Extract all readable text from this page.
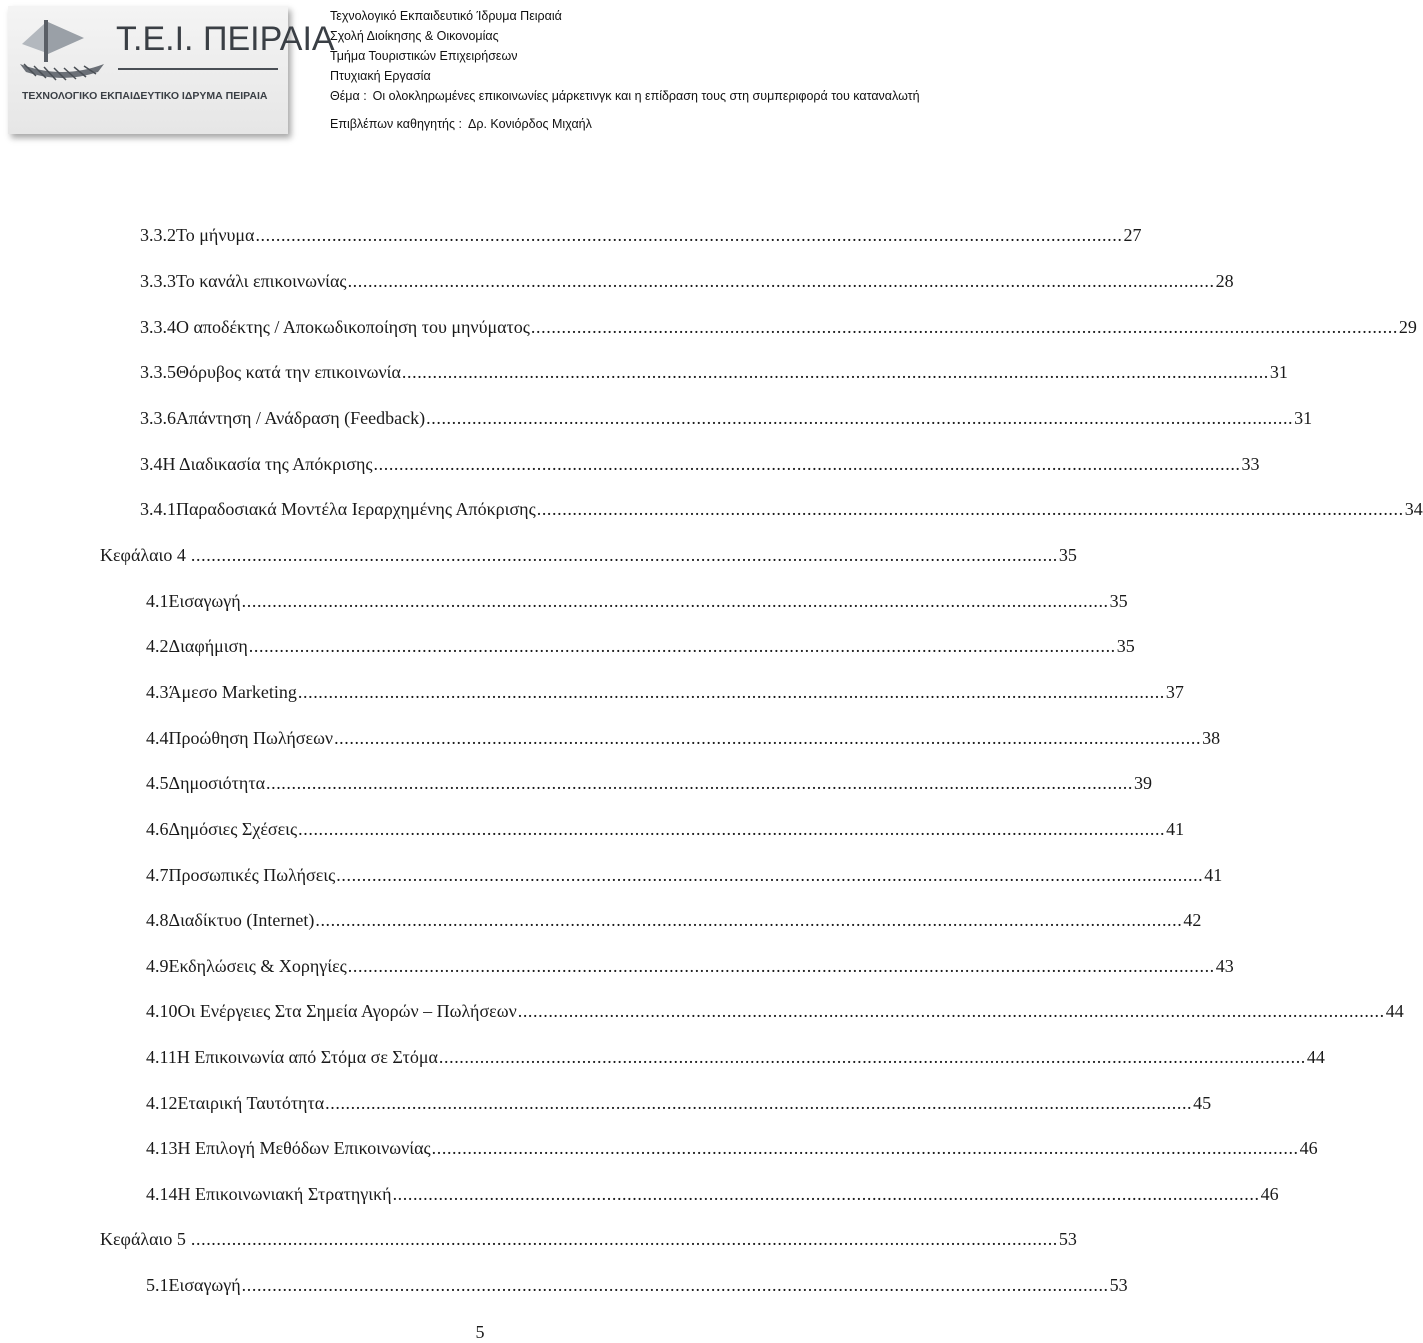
Τ.Ε.Ι. ΠΕΙΡΑΙΑ
ΤΕΧΝΟΛΟΓΙΚΟ ΕΚΠΑΙΔΕΥΤΙΚΟ ΙΔΡΥΜΑ ΠΕΙΡΑΙΑ
Τεχνολογικό Εκπαιδευτικό Ίδρυμα Πειραιά
Σχολή Διοίκησης & Οικονομίας
Τμήμα Τουριστικών Επιχειρήσεων
Πτυχιακή Εργασία
Θέμα : Οι ολοκληρωμένες επικοινωνίες μάρκετινγκ και η επίδραση τους στη συμπεριφορά του καταναλωτή
Επιβλέπων καθηγητής : Δρ. Κονιόρδος Μιχαήλ
3.3.2 Το μήνυμα .......................................................................................................................................................................... 27
3.3.3 Το κανάλι επικοινωνίας .......................................................................................................................................................................... 28
3.3.4 Ο αποδέκτης / Αποκωδικοποίηση του μηνύματος .......................................................................................................................................................................... 29
3.3.5 Θόρυβος κατά την επικοινωνία .......................................................................................................................................................................... 31
3.3.6 Απάντηση / Ανάδραση (Feedback) .......................................................................................................................................................................... 31
3.4 Η Διαδικασία της Απόκρισης .......................................................................................................................................................................... 33
3.4.1 Παραδοσιακά Μοντέλα Ιεραρχημένης Απόκρισης .......................................................................................................................................................................... 34
Κεφάλαιο 4 .......................................................................................................................................................................... 35
4.1 Εισαγωγή .......................................................................................................................................................................... 35
4.2 Διαφήμιση .......................................................................................................................................................................... 35
4.3 Άμεσο Marketing .......................................................................................................................................................................... 37
4.4 Προώθηση Πωλήσεων .......................................................................................................................................................................... 38
4.5 Δημοσιότητα .......................................................................................................................................................................... 39
4.6 Δημόσιες Σχέσεις .......................................................................................................................................................................... 41
4.7 Προσωπικές Πωλήσεις .......................................................................................................................................................................... 41
4.8 Διαδίκτυο (Internet) .......................................................................................................................................................................... 42
4.9 Εκδηλώσεις & Χορηγίες .......................................................................................................................................................................... 43
4.10 Οι Ενέργειες Στα Σημεία Αγορών – Πωλήσεων .......................................................................................................................................................................... 44
4.11 Η Επικοινωνία από Στόμα σε Στόμα .......................................................................................................................................................................... 44
4.12 Εταιρική Ταυτότητα .......................................................................................................................................................................... 45
4.13 Η Επιλογή Μεθόδων Επικοινωνίας .......................................................................................................................................................................... 46
4.14 Η Επικοινωνιακή Στρατηγική .......................................................................................................................................................................... 46
Κεφάλαιο 5 .......................................................................................................................................................................... 53
5.1 Εισαγωγή .......................................................................................................................................................................... 53
5
